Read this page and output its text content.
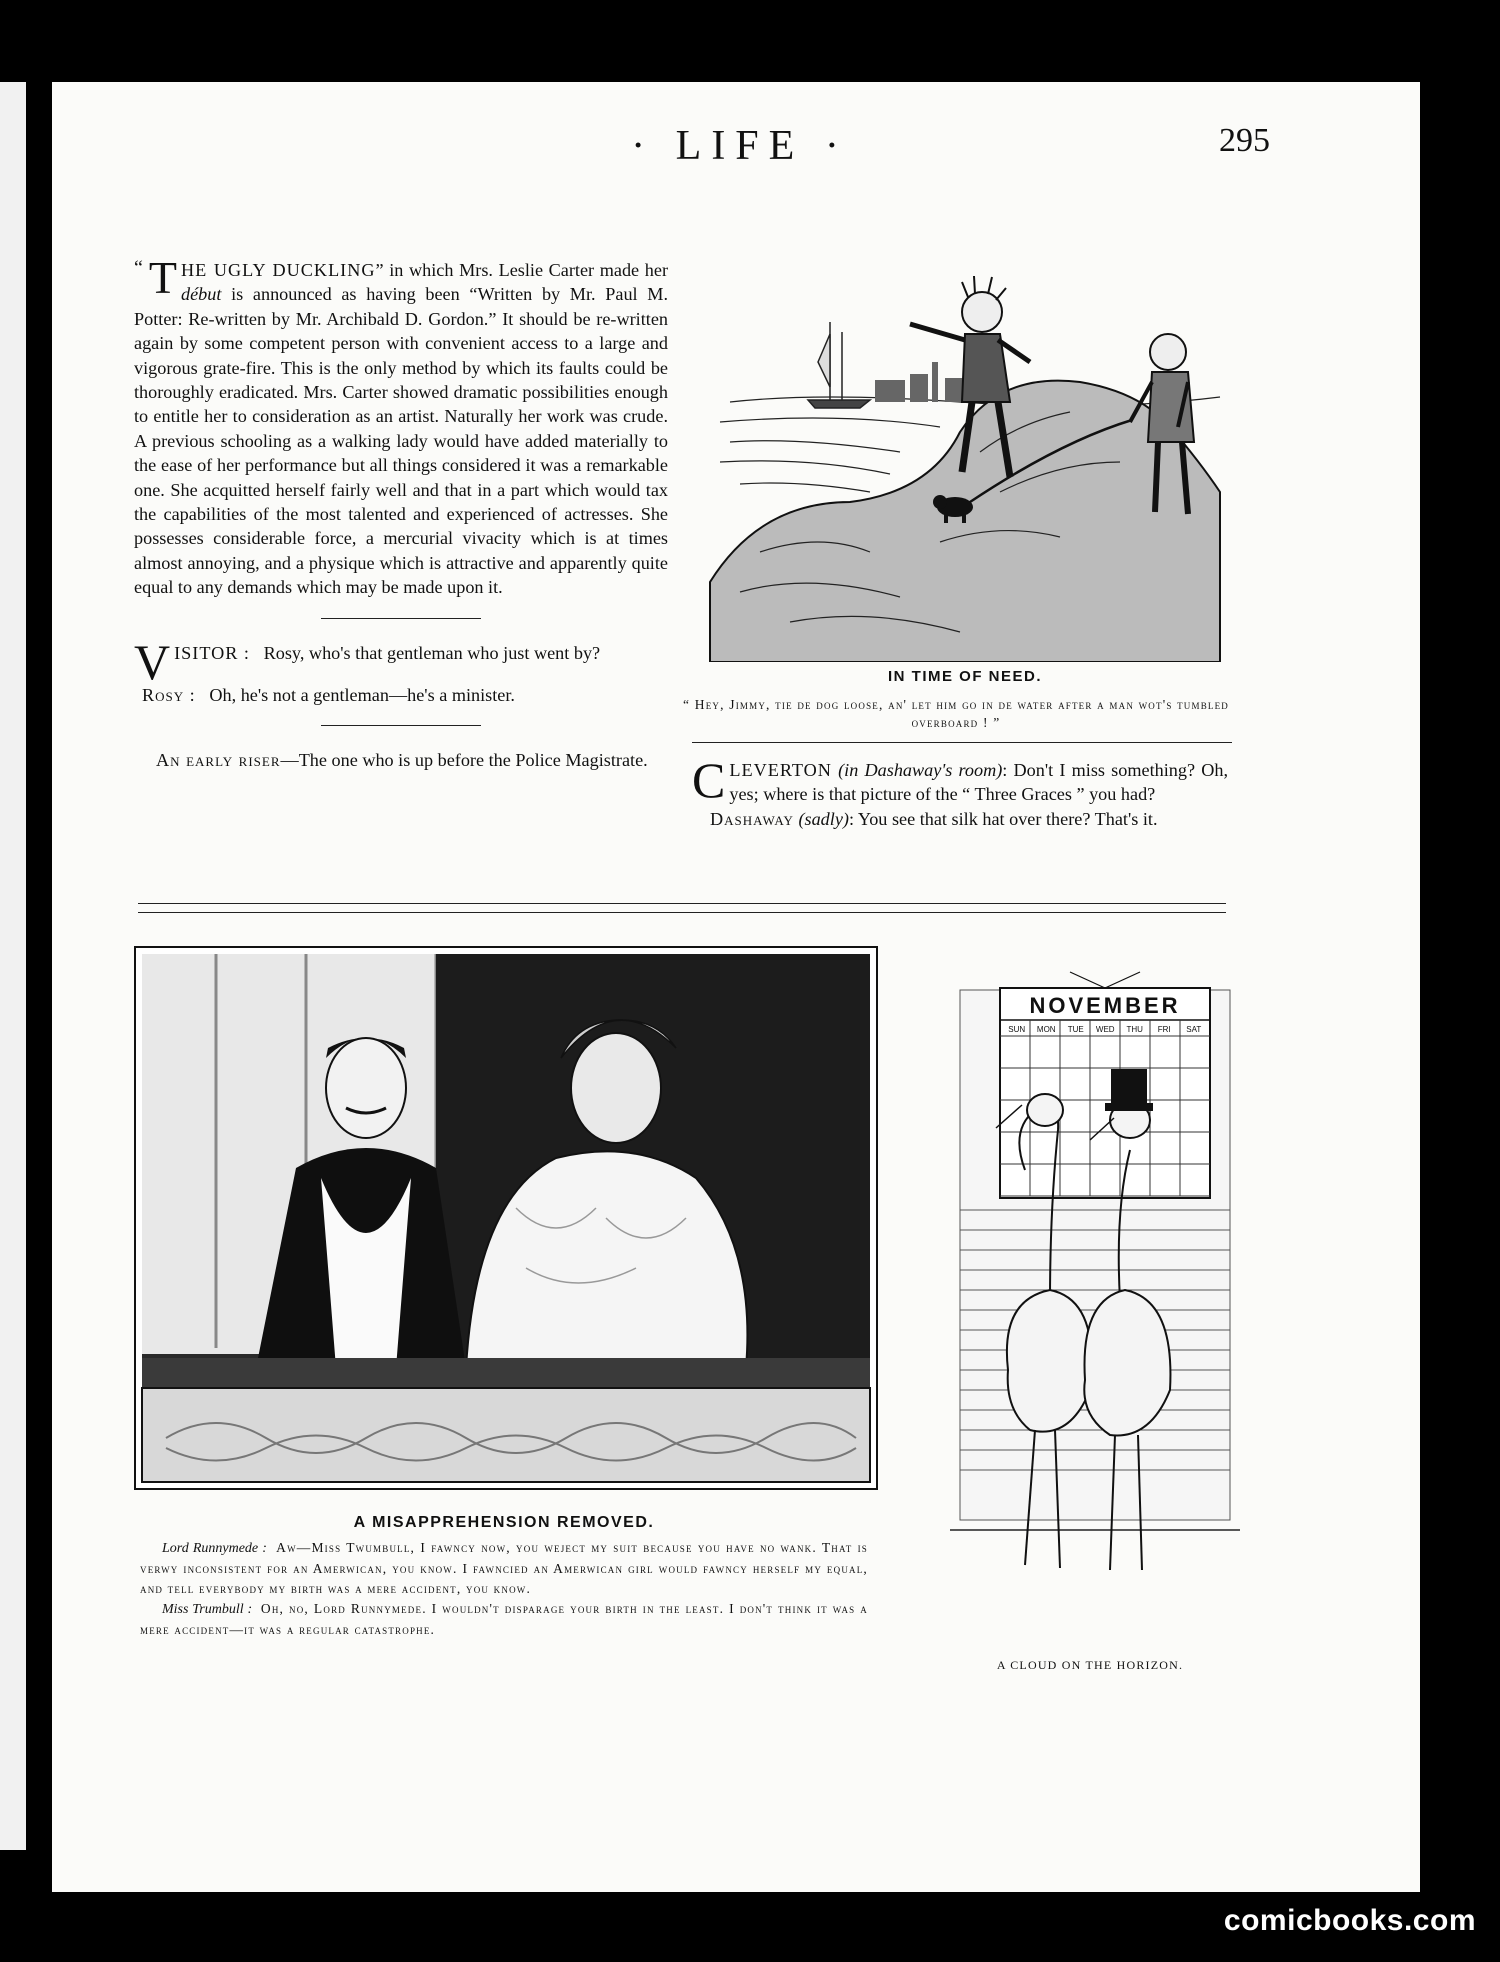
· LIFE ·	295
“ T HE UGLY DUCKLING” in which Mrs. Leslie Carter made her début is announced as having been “Written by Mr. Paul M. Potter: Re-written by Mr. Archibald D. Gordon.” It should be re-written again by some competent person with convenient access to a large and vigorous grate-fire. This is the only method by which its faults could be thoroughly eradicated. Mrs. Carter showed dramatic possibilities enough to entitle her to consideration as an artist. Naturally her work was crude. A previous schooling as a walking lady would have added materially to the ease of her performance but all things considered it was a remarkable one. She acquitted herself fairly well and that in a part which would tax the capabilities of the most talented and experienced of actresses. She possesses considerable force, a mercurial vivacity which is at times almost annoying, and a physique which is attractive and apparently quite equal to any demands which may be made upon it.

V ISITOR : Rosy, who's that gentleman who just went by?

Rosy : Oh, he's not a gentleman—he's a minister.

An early riser—The one who is up before the Police Magistrate.
IN TIME OF NEED.
“ Hey, Jimmy, tie de dog loose, an' let him go in de water after a man wot's tumbled overboard ! ”
C LEVERTON (in Dashaway's room): Don't I miss something? Oh, yes; where is that picture of the “ Three Graces ” you had?
Dashaway (sadly): You see that silk hat over there? That's it.
A MISAPPREHENSION REMOVED.
Lord Runnymede : Aw—Miss Twumbull, I fawncy now, you weject my suit because you have no wank. That is verwy inconsistent for an Amerwican, you know. I fawncied an Amerwican girl would fawncy herself my equal, and tell everybody my birth was a mere accident, you know.
Miss Trumbull : Oh, no, Lord Runnymede. I wouldn't disparage your birth in the least. I don't think it was a mere accident—it was a regular catastrophe.
NOVEMBER
SUN MON TUE WED THU FRI SAT
A CLOUD ON THE HORIZON.
comicbooks.com
